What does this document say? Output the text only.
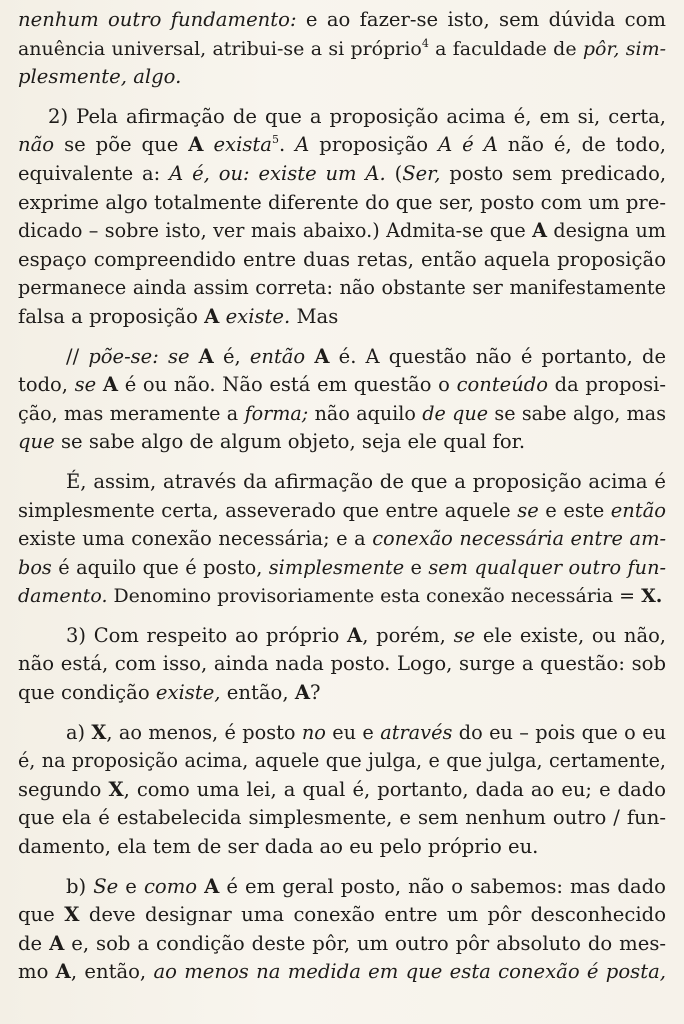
nenhum outro fundamento: e ao fazer-se isto, sem dúvida com
anuência universal, atribui-se a si próprio$^4$ a faculdade de pôr, sim-
plesmente, algo.

2) Pela afirmação de que a proposição acima é, em si, certa,
não se põe que A exista$^5$. A proposição A é A não é, de todo,
equivalente a: A é, ou: existe um A. (Ser, posto sem predicado,
exprime algo totalmente diferente do que ser, posto com um pre-
dicado – sobre isto, ver mais abaixo.) Admita-se que A designa um
espaço compreendido entre duas retas, então aquela proposição
permanece ainda assim correta: não obstante ser manifestamente
falsa a proposição A existe. Mas

// põe-se: se A é, então A é. A questão não é portanto, de
todo, se A é ou não. Não está em questão o conteúdo da proposi-
ção, mas meramente a forma; não aquilo de que se sabe algo, mas
que se sabe algo de algum objeto, seja ele qual for.

É, assim, através da afirmação de que a proposição acima é
simplesmente certa, asseverado que entre aquele se e este então
existe uma conexão necessária; e a conexão necessária entre am-
bos é aquilo que é posto, simplesmente e sem qualquer outro fun-
damento. Denomino provisoriamente esta conexão necessária = X.

3) Com respeito ao próprio A, porém, se ele existe, ou não,
não está, com isso, ainda nada posto. Logo, surge a questão: sob
que condição existe, então, A?

a) X, ao menos, é posto no eu e através do eu – pois que o eu
é, na proposição acima, aquele que julga, e que julga, certamente,
segundo X, como uma lei, a qual é, portanto, dada ao eu; e dado
que ela é estabelecida simplesmente, e sem nenhum outro / fun-
damento, ela tem de ser dada ao eu pelo próprio eu.

b) Se e como A é em geral posto, não o sabemos: mas dado
que X deve designar uma conexão entre um pôr desconhecido
de A e, sob a condição deste pôr, um outro pôr absoluto do mes-
mo A, então, ao menos na medida em que esta conexão é posta,
